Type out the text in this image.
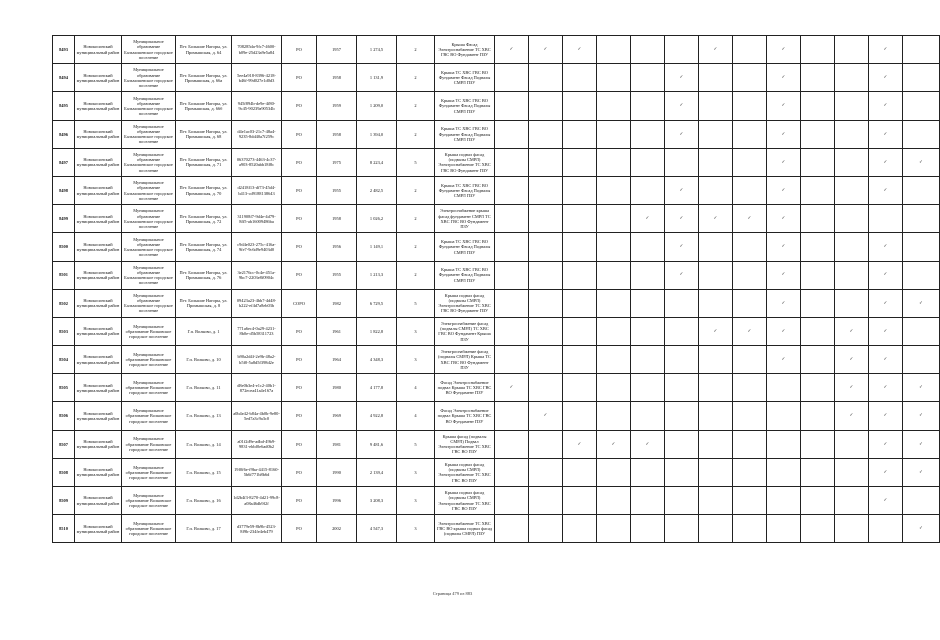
8493	Новокосинский муниципальный район	Муниципальное образование Бальмошевское городское поселение	Пгт. Большие Нагоры, ул. Промышская, д. 64	708285da-9fc7-4600-b09e-25d23a9e5a84	РО	1957	1 274,5	2	Крыша Фасад Электроснабжение ТС ХВС ГВС ВО Фундамент ПЗУ	✓	✓	✓				✓		✓			✓	
8494	Новокосинский муниципальный район	Муниципальное образование Бальмошевское городское поселение	Пгт. Большие Нагоры, ул. Промышская, д. 66а	5ee4a918-8396-4218-b46f-99d027e1d0d3	РО	1958	1 131,9	2	Крыша ТС ХВС ГВС ВО Фундамент Фасад Подвалы СМРЛ ПЗУ						✓			✓			✓	
8495	Новокосинский муниципальный район	Муниципальное образование Бальмошевское городское поселение	Пгт. Большие Нагоры, ул. Промышская, д. 66б	945f894b-de9e-4f80-9c45-90239a90534b	РО	1959	1 209,0	2	Крыша ТС ХВС ГВС ВО Фундамент Фасад Подвалы СМРЛ ПЗУ						✓			✓			✓	
8496	Новокосинский муниципальный район	Муниципальное образование Бальмошевское городское поселение	Пгт. Большие Нагоры, ул. Промышская, д. 68	d4e1ac03-21c7-48a4-9235-8dd40a7f259c	РО	1958	1 394,0	2	Крыша ТС ХВС ГВС ВО Фундамент Фасад Подвалы СМРЛ ПЗУ						✓			✓			✓	
8497	Новокосинский муниципальный район	Муниципальное образование Бальмошевское городское поселение	Пгт. Большие Нагоры, ул. Промышская, д. 71	06370273-4463-4c37-a903-8520abb18f8c	РО	1975	8 223,4	5	Крыша подвал фасад (подвалы СМРЛ) Электроснабжение ТС ХВС ГВС ВО Фундамент ПЗУ									✓			✓	✓
8498	Новокосинский муниципальный район	Муниципальное образование Бальмошевское городское поселение	Пгт. Большие Нагоры, ул. Промышская, д. 70	d2418f13-df73-45d4-b413-cd9188138643	РО	1955	2 482,5	2	Крыша ТС ХВС ГВС ВО Фундамент Фасад Подвалы СМРЛ ПЗУ						✓			✓			✓	
8499	Новокосинский муниципальный район	Муниципальное образование Бальмошевское городское поселение	Пгт. Большие Нагоры, ул. Промышская, д. 72	311908f7-9d4e-4d79-8ff5-ab16009486ba	РО	1958	1 026,2	2	Электроснабжение крыша фасад фундамент СМРЛ ТС ХВС ГВС ВО Фундамент ПЗУ					✓	✓	✓	✓	✓				
8500	Новокосинский муниципальный район	Муниципальное образование Бальмошевское городское поселение	Пгт. Большие Нагоры, ул. Промышская, д. 74	c9d4e023-275c-416a-9fe7-9c6d9e9403d0	РО	1956	1 149,1	2	Крыша ТС ХВС ГВС ВО Фундамент Фасад Подвалы СМРЛ ПЗУ						✓			✓			✓	
8501	Новокосинский муниципальный район	Муниципальное образование Бальмошевское городское поселение	Пгт. Большие Нагоры, ул. Промышская, д. 76	3e2176cc-0c4e-451a-9bc7-2203e8f0904c	РО	1955	1 213,3	2	Крыша ТС ХВС ГВС ВО Фундамент Фасад Подвалы СМРЛ ПЗУ						✓			✓			✓	
8502	Новокосинский муниципальный район	Муниципальное образование Бальмошевское городское поселение	Пгт. Большие Нагоры, ул. Промышская, д. 8	09423a23-4bb7-4d48-b222-ef4d7a8eb03b	СОРО	1982	6 729,5	5	Крыша подвал фасад (подвалы СМРЛ) Электроснабжение ТС ХВС ГВС ВО Фундамент ПЗУ									✓			✓	✓
8503	Новокосинский муниципальный район	Муниципальное образование Волковское городское поселение	Г.п. Волково, д. 1	771a6ec4-0a29-4231-8b0e-d5b58311723	РО	1961	1 822,8	3	Электроснабжение фасад (подвалы СМРЛ) ТС ХВС ГВС ВО Фундамент Крыша ПЗУ							✓	✓	✓		✓	✓	
8504	Новокосинский муниципальный район	Муниципальное образование Волковское городское поселение	Г.п. Волково, д. 10	b90a2d4f-2e9b-48a2-b5f0-5a8d5f398d2e	РО	1964	4 348,3	3	Электроснабжение фасад (подвалы СМРЛ) Крыша ТС ХВС ГВС ВО Фундамент ПЗУ									✓		✓	✓	
8505	Новокосинский муниципальный район	Муниципальное образование Волковское городское поселение	Г.п. Волково, д. 11	d8e0b3e4-e1c2-40b1-872ecea41a4e167a	РО	1980	4 177,8	4	Фасад Электроснабжение подвал Крыша ТС ХВС ГВС ВО Фундамент ПЗУ	✓										✓	✓	✓
8506	Новокосинский муниципальный район	Муниципальное образование Волковское городское поселение	Г.п. Волково, д. 13	a0b4e42-b84a-4b0b-9e80-5ed7a3c9a3c0	РО	1969	4 922,8	4	Фасад Электроснабжение подвал Крыша ТС ХВС ГВС ВО Фундамент ПЗУ		✓									✓	✓	✓
8507	Новокосинский муниципальный район	Муниципальное образование Волковское городское поселение	Г.п. Волково, д. 14	a01f2d9e-adbd-49b9-9831-ebbf0e6ad0b2	РО	1981	9 481,6	5	Крыша фасад (подвалы СМРЛ) Подвал Электроснабжение ТС ХВС ГВС ВО ПЗУ			✓	✓	✓							✓	✓
8508	Новокосинский муниципальный район	Муниципальное образование Волковское городское поселение	Г.п. Волково, д. 15	19f0f6e-f9ba-4415-8160-5b6f771b8b6d	РО	1990	2 139,4	3	Крыша подвал фасад (подвалы СМРЛ) Электроснабжение ТС ХВС ГВС ВО ПЗУ												✓	✓
8509	Новокосинский муниципальный район	Муниципальное образование Волковское городское поселение	Г.п. Волково, д. 16	1d2b4f3-8270-4d21-99c8-a08a46db9f2f	РО	1996	3 208,3	3	Крыша подвал фасад (подвалы СМРЛ) Электроснабжение ТС ХВС ГВС ВО ПЗУ												✓	
8510	Новокосинский муниципальный район	Муниципальное образование Волковское городское поселение	Г.п. Волково, д. 17	d3779e59-8b9b-4523-8f9b-234fe4eb479	РО	2002	4 547,3	3	Электроснабжение ТС ХВС ГВС ВО крыша подвал фасад (подвалы СМРЛ) ПЗУ													✓
Страница 479 из 883
